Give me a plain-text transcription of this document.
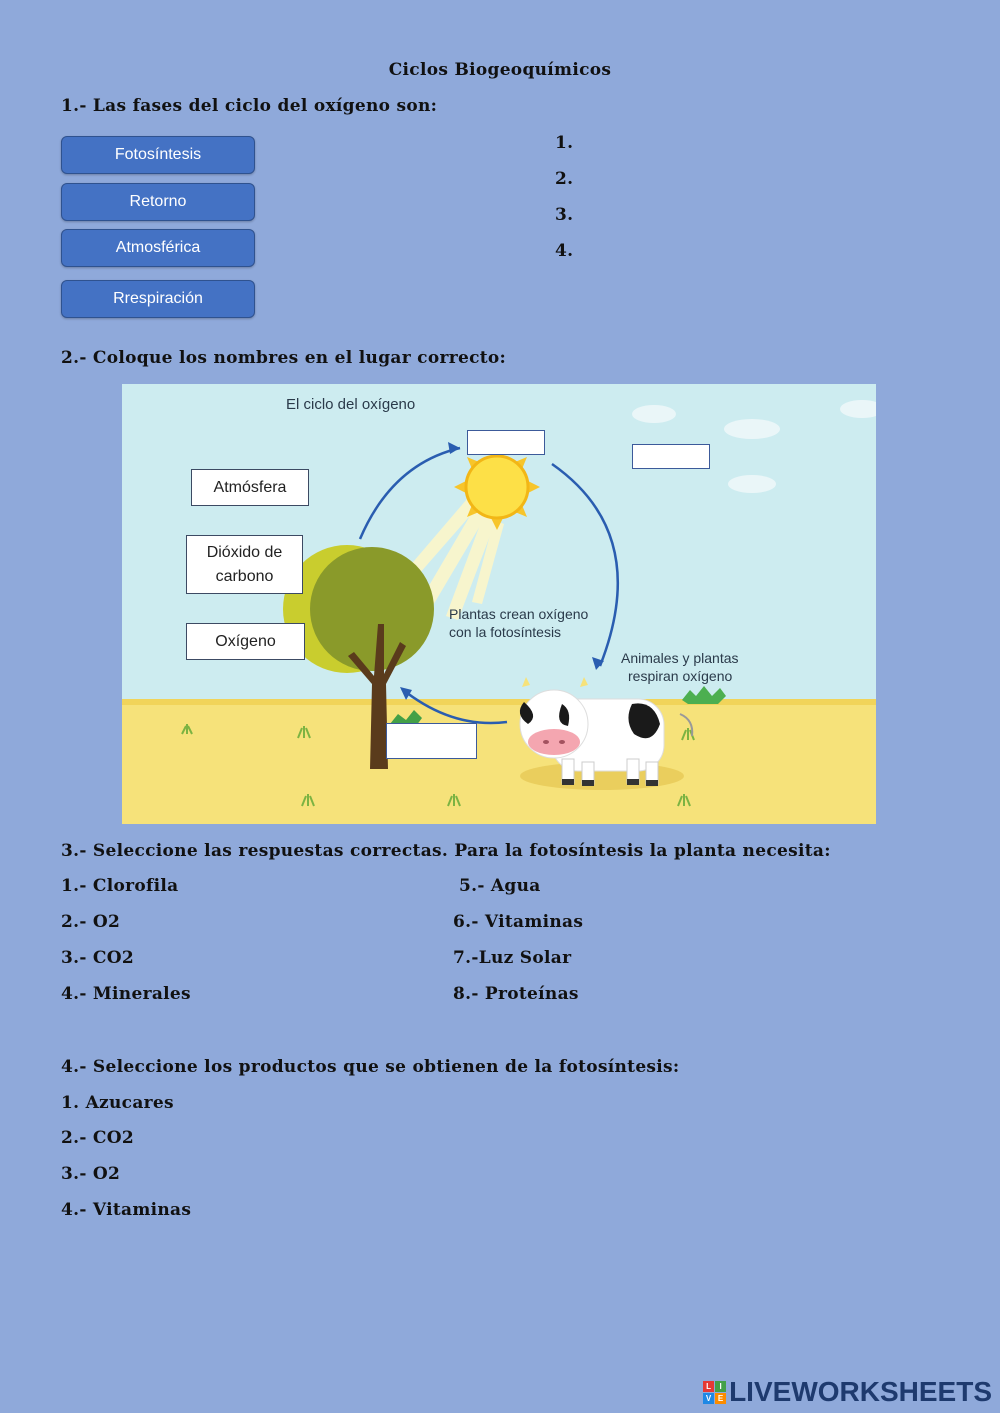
Ciclos Biogeoquímicos
1.- Las fases del ciclo del oxígeno son:
Fotosíntesis
Retorno
Atmosférica
Rrespiración
1.
2.
3.
4.
2.- Coloque los nombres en el lugar correcto:
El ciclo del oxígeno
Atmósfera
Dióxido de carbono
Oxígeno
Plantas crean oxígeno
con la fotosíntesis
Animales y plantas
respiran oxígeno
3.- Seleccione las respuestas correctas. Para la fotosíntesis la planta necesita:
1.- Clorofila
2.- O2
3.- CO2
4.- Minerales
5.- Agua
6.- Vitaminas
7.-Luz Solar
8.- Proteínas
4.- Seleccione los productos que se obtienen de la fotosíntesis:
1. Azucares
2.- CO2
3.- O2
4.- Vitaminas
L	I
V E LIVEWORKSHEETS
